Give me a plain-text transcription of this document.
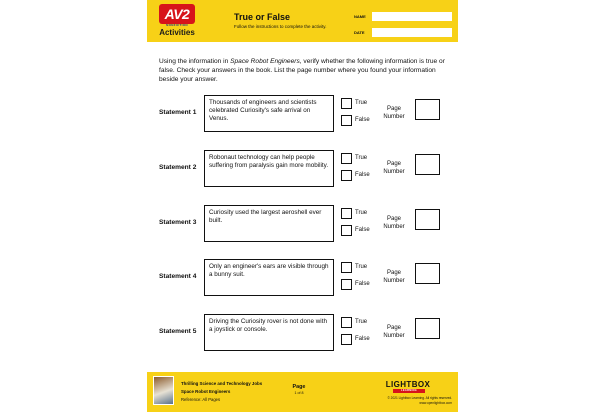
AV2
NONFICTION
Activities
True or False
Follow the instructions to complete the activity.
NAME
DATE
Using the information in Space Robot Engineers, verify whether the following information is true or false. Check your answers in the book. List the page number where you found your information beside your answer.
Statement 1
Thousands of engineers and scientists celebrated Curiosity's safe arrival on Venus.
True
False
Page Number
Statement 2
Robonaut technology can help people suffering from paralysis gain more mobility.
True
False
Page Number
Statement 3
Curiosity used the largest aeroshell ever built.
True
False
Page Number
Statement 4
Only an engineer's ears are visible through a bunny suit.
True
False
Page Number
Statement 5
Driving the Curiosity rover is not done with a joystick or console.
True
False
Page Number
Thrilling Science and Technology Jobs
Space Robot Engineers
Reference: All Pages
Page
1 of 8
LIGHTBOX
LEARNING
© 2021 Lightbox Learning. All rights reserved.
www.openlightbox.com
